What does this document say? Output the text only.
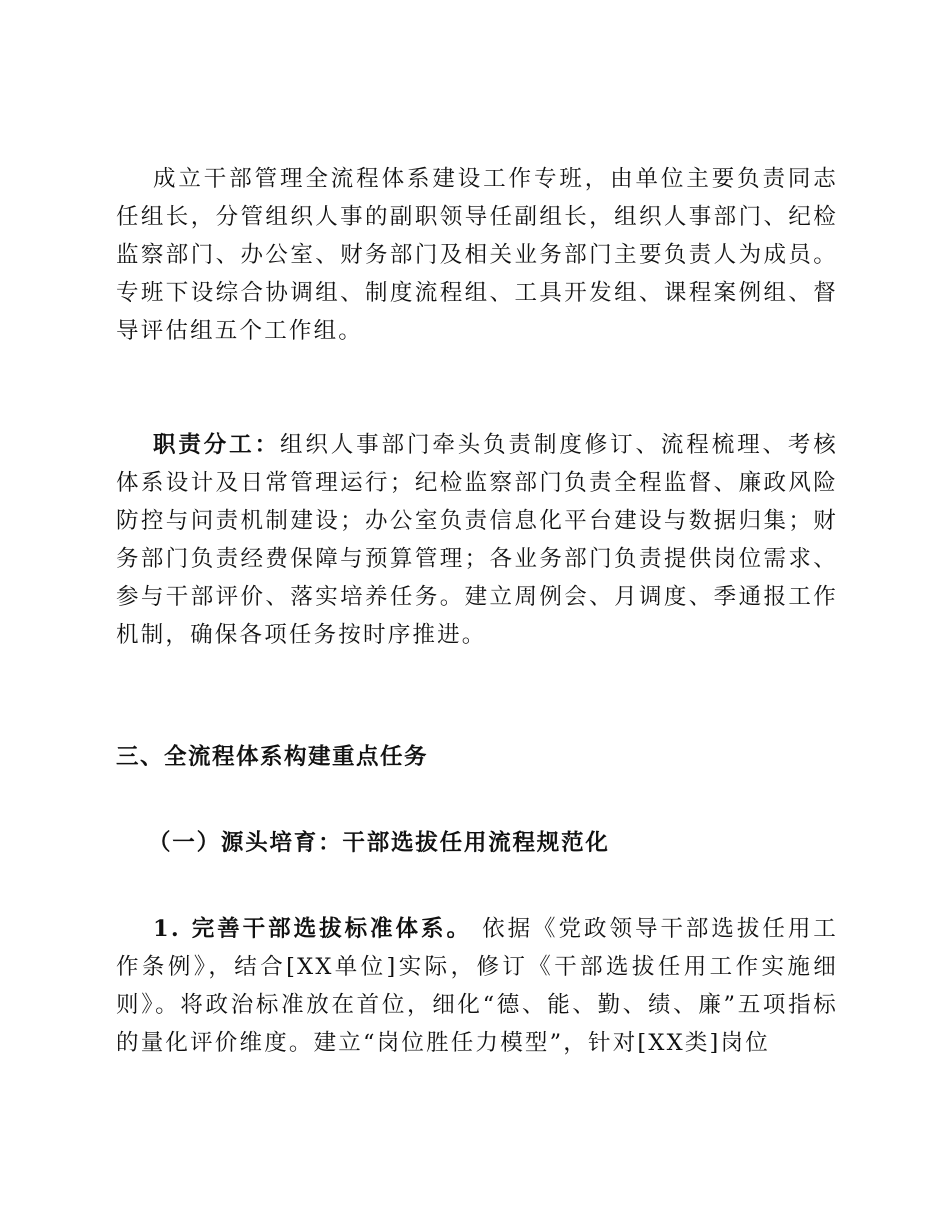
成立干部管理全流程体系建设工作专班，由单位主要负责同志任组长，分管组织人事的副职领导任副组长，组织人事部门、纪检监察部门、办公室、财务部门及相关业务部门主要负责人为成员。专班下设综合协调组、制度流程组、工具开发组、课程案例组、督导评估组五个工作组。

职责分工：组织人事部门牵头负责制度修订、流程梳理、考核体系设计及日常管理运行；纪检监察部门负责全程监督、廉政风险防控与问责机制建设；办公室负责信息化平台建设与数据归集；财务部门负责经费保障与预算管理；各业务部门负责提供岗位需求、参与干部评价、落实培养任务。建立周例会、月调度、季通报工作机制，确保各项任务按时序推进。

三、全流程体系构建重点任务
（一）源头培育：干部选拔任用流程规范化

1. 完善干部选拔标准体系。 依据《党政领导干部选拔任用工作条例》，结合[XX单位]实际，修订《干部选拔任用工作实施细则》。将政治标准放在首位，细化“德、能、勤、绩、廉”五项指标的量化评价维度。建立“岗位胜任力模型”，针对[XX类]岗位
